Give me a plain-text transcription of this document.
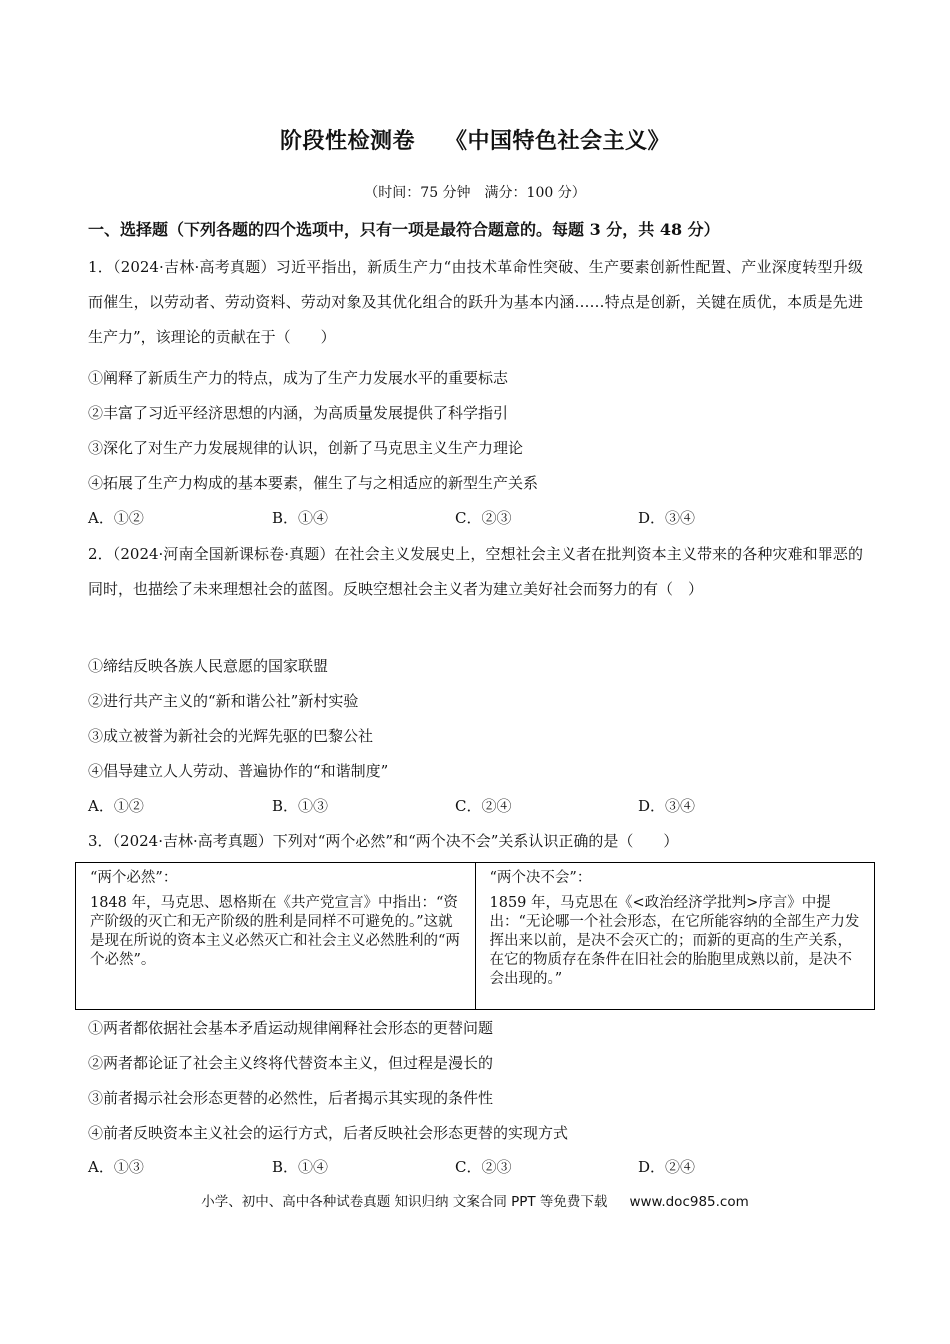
阶段性检测卷 《中国特色社会主义》
（时间：75 分钟　满分：100 分）
一、选择题（下列各题的四个选项中，只有一项是最符合题意的。每题 3 分，共 48 分）
1．（2024·吉林·高考真题）习近平指出，新质生产力“由技术革命性突破、生产要素创新性配置、产业深度转型升级而催生，以劳动者、劳动资料、劳动对象及其优化组合的跃升为基本内涵……特点是创新，关键在质优，本质是先进生产力”，该理论的贡献在于（　　）
①阐释了新质生产力的特点，成为了生产力发展水平的重要标志
②丰富了习近平经济思想的内涵，为高质量发展提供了科学指引
③深化了对生产力发展规律的认识，创新了马克思主义生产力理论
④拓展了生产力构成的基本要素，催生了与之相适应的新型生产关系
A．①②	B．①④	C．②③	D．③④
2．（2024·河南全国新课标卷·真题）在社会主义发展史上，空想社会主义者在批判资本主义带来的各种灾难和罪恶的同时，也描绘了未来理想社会的蓝图。反映空想社会主义者为建立美好社会而努力的有（　）
①缔结反映各族人民意愿的国家联盟
②进行共产主义的“新和谐公社”新村实验
③成立被誉为新社会的光辉先驱的巴黎公社
④倡导建立人人劳动、普遍协作的“和谐制度”
A．①②	B．①③	C．②④	D．③④
3．（2024·吉林·高考真题）下列对“两个必然”和“两个决不会”关系认识正确的是（　　）
“两个必然”：
1848 年，马克思、恩格斯在《共产党宣言》中指出：“资产阶级的灭亡和无产阶级的胜利是同样不可避免的。”这就是现在所说的资本主义必然灭亡和社会主义必然胜利的“两个必然”。

“两个决不会”：
1859 年，马克思在《<政治经济学批判>序言》中提出：“无论哪一个社会形态，在它所能容纳的全部生产力发挥出来以前，是决不会灭亡的；而新的更高的生产关系，在它的物质存在条件在旧社会的胎胞里成熟以前，是决不会出现的。”
①两者都依据社会基本矛盾运动规律阐释社会形态的更替问题
②两者都论证了社会主义终将代替资本主义，但过程是漫长的
③前者揭示社会形态更替的必然性，后者揭示其实现的条件性
④前者反映资本主义社会的运行方式，后者反映社会形态更替的实现方式
A．①③	B．①④	C．②③	D．②④
小学、初中、高中各种试卷真题 知识归纳 文案合同 PPT 等免费下载 www.doc985.com
